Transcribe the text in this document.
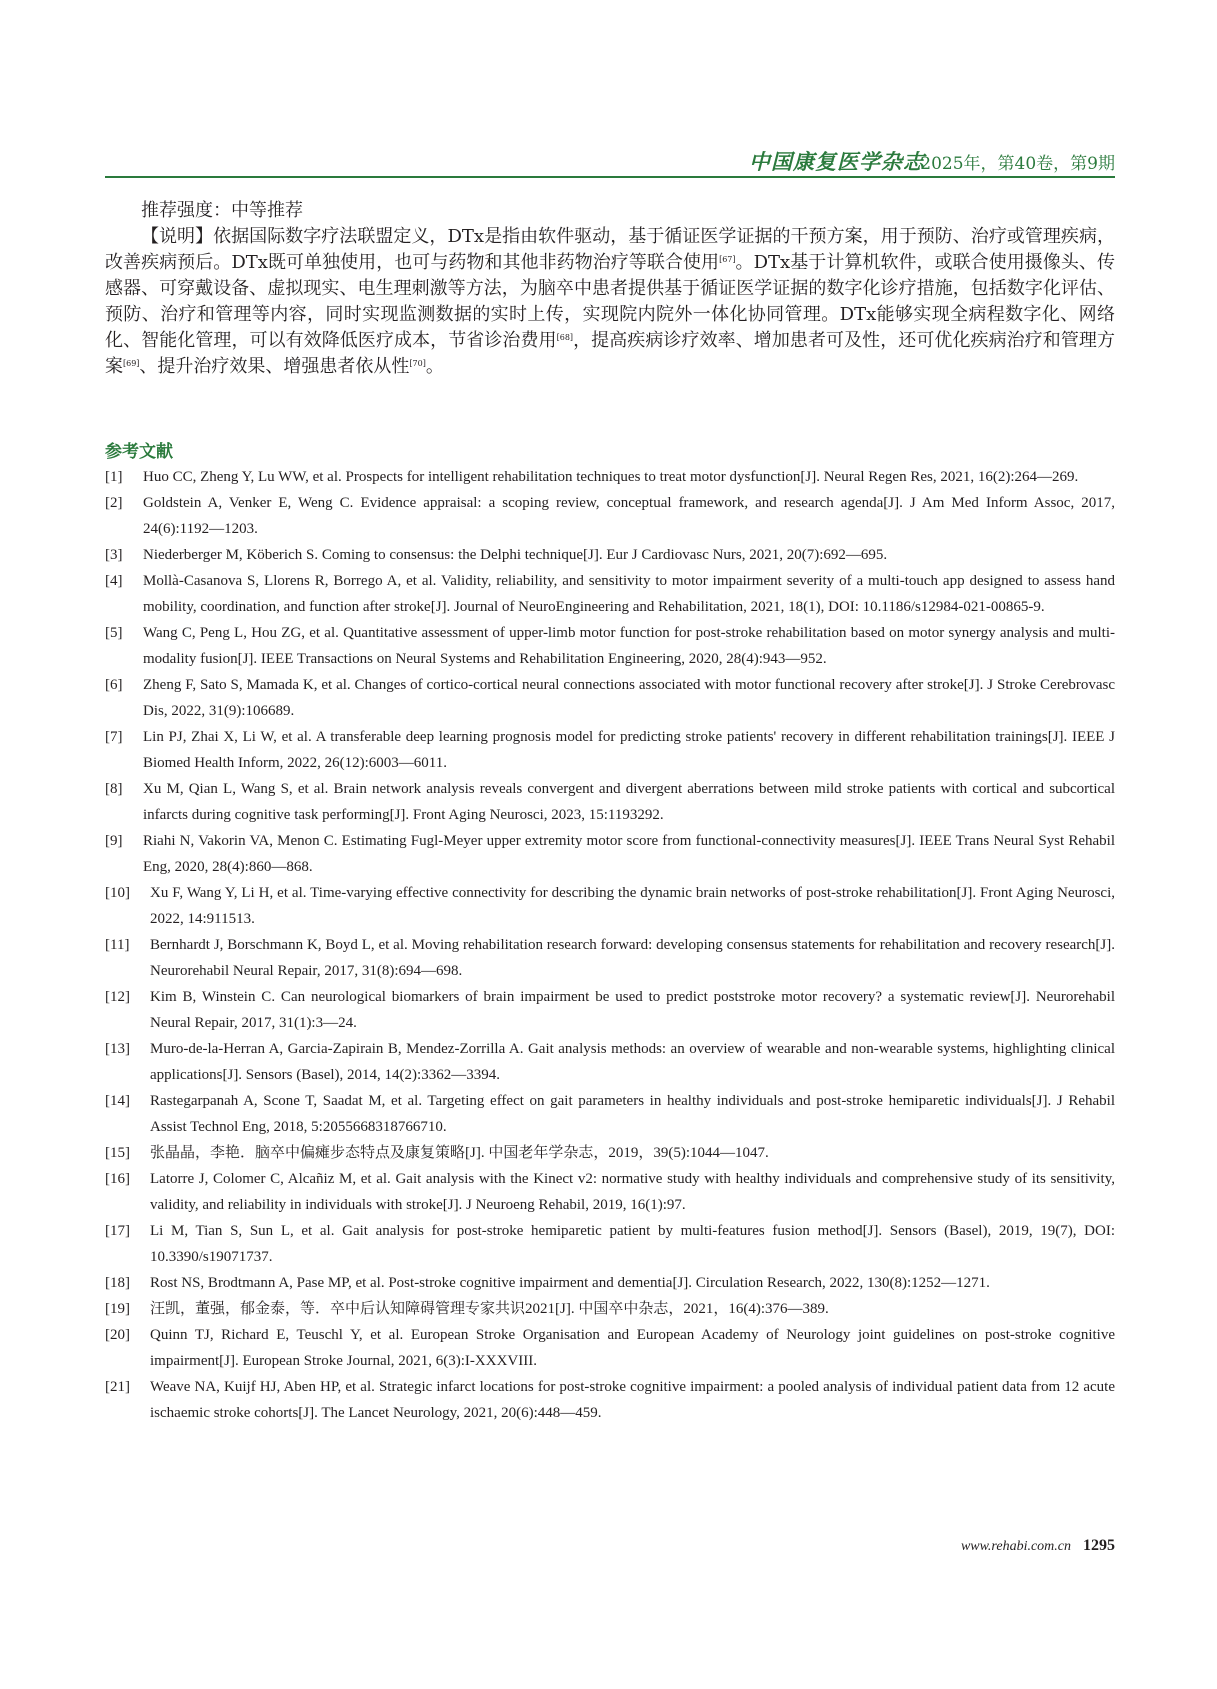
中国康复医学杂志
2025年，第40卷，第9期
推荐强度：中等推荐
【说明】依据国际数字疗法联盟定义，DTx是指由软件驱动，基于循证医学证据的干预方案，用于预防、治疗或管理疾病，改善疾病预后。DTx既可单独使用，也可与药物和其他非药物治疗等联合使用[67]。DTx基于计算机软件，或联合使用摄像头、传感器、可穿戴设备、虚拟现实、电生理刺激等方法，为脑卒中患者提供基于循证医学证据的数字化诊疗措施，包括数字化评估、预防、治疗和管理等内容，同时实现监测数据的实时上传，实现院内院外一体化协同管理。DTx能够实现全病程数字化、网络化、智能化管理，可以有效降低医疗成本，节省诊治费用[68]，提高疾病诊疗效率、增加患者可及性，还可优化疾病治疗和管理方案[69]、提升治疗效果、增强患者依从性[70]。
参考文献
[1] Huo CC, Zheng Y, Lu WW, et al. Prospects for intelligent rehabilitation techniques to treat motor dysfunction[J]. Neural Regen Res, 2021, 16(2):264—269.
[2] Goldstein A, Venker E, Weng C. Evidence appraisal: a scoping review, conceptual framework, and research agenda[J]. J Am Med Inform Assoc, 2017, 24(6):1192—1203.
[3] Niederberger M, Köberich S. Coming to consensus: the Delphi technique[J]. Eur J Cardiovasc Nurs, 2021, 20(7):692—695.
[4] Mollà-Casanova S, Llorens R, Borrego A, et al. Validity, reliability, and sensitivity to motor impairment severity of a multi-touch app designed to assess hand mobility, coordination, and function after stroke[J]. Journal of NeuroEngineering and Rehabilitation, 2021, 18(1), DOI: 10.1186/s12984-021-00865-9.
[5] Wang C, Peng L, Hou ZG, et al. Quantitative assessment of upper-limb motor function for post-stroke rehabilitation based on motor synergy analysis and multi-modality fusion[J]. IEEE Transactions on Neural Systems and Rehabilitation Engineering, 2020, 28(4):943—952.
[6] Zheng F, Sato S, Mamada K, et al. Changes of cortico-cortical neural connections associated with motor functional recovery after stroke[J]. J Stroke Cerebrovasc Dis, 2022, 31(9):106689.
[7] Lin PJ, Zhai X, Li W, et al. A transferable deep learning prognosis model for predicting stroke patients' recovery in different rehabilitation trainings[J]. IEEE J Biomed Health Inform, 2022, 26(12):6003—6011.
[8] Xu M, Qian L, Wang S, et al. Brain network analysis reveals convergent and divergent aberrations between mild stroke patients with cortical and subcortical infarcts during cognitive task performing[J]. Front Aging Neurosci, 2023, 15:1193292.
[9] Riahi N, Vakorin VA, Menon C. Estimating Fugl-Meyer upper extremity motor score from functional-connectivity measures[J]. IEEE Trans Neural Syst Rehabil Eng, 2020, 28(4):860—868.
[10] Xu F, Wang Y, Li H, et al. Time-varying effective connectivity for describing the dynamic brain networks of post-stroke rehabilitation[J]. Front Aging Neurosci, 2022, 14:911513.
[11] Bernhardt J, Borschmann K, Boyd L, et al. Moving rehabilitation research forward: developing consensus statements for rehabilitation and recovery research[J]. Neurorehabil Neural Repair, 2017, 31(8):694—698.
[12] Kim B, Winstein C. Can neurological biomarkers of brain impairment be used to predict poststroke motor recovery? a systematic review[J]. Neurorehabil Neural Repair, 2017, 31(1):3—24.
[13] Muro-de-la-Herran A, Garcia-Zapirain B, Mendez-Zorrilla A. Gait analysis methods: an overview of wearable and non-wearable systems, highlighting clinical applications[J]. Sensors (Basel), 2014, 14(2):3362—3394.
[14] Rastegarpanah A, Scone T, Saadat M, et al. Targeting effect on gait parameters in healthy individuals and post-stroke hemiparetic individuals[J]. J Rehabil Assist Technol Eng, 2018, 5:2055668318766710.
[15] 张晶晶，李艳．脑卒中偏瘫步态特点及康复策略[J]. 中国老年学杂志，2019，39(5):1044—1047.
[16] Latorre J, Colomer C, Alcañiz M, et al. Gait analysis with the Kinect v2: normative study with healthy individuals and comprehensive study of its sensitivity, validity, and reliability in individuals with stroke[J]. J Neuroeng Rehabil, 2019, 16(1):97.
[17] Li M, Tian S, Sun L, et al. Gait analysis for post-stroke hemiparetic patient by multi-features fusion method[J]. Sensors (Basel), 2019, 19(7), DOI: 10.3390/s19071737.
[18] Rost NS, Brodtmann A, Pase MP, et al. Post-stroke cognitive impairment and dementia[J]. Circulation Research, 2022, 130(8):1252—1271.
[19] 汪凯，董强，郁金泰，等．卒中后认知障碍管理专家共识2021[J]. 中国卒中杂志，2021，16(4):376—389.
[20] Quinn TJ, Richard E, Teuschl Y, et al. European Stroke Organisation and European Academy of Neurology joint guidelines on post-stroke cognitive impairment[J]. European Stroke Journal, 2021, 6(3):I-XXXVIII.
[21] Weave NA, Kuijf HJ, Aben HP, et al. Strategic infarct locations for post-stroke cognitive impairment: a pooled analysis of individual patient data from 12 acute ischaemic stroke cohorts[J]. The Lancet Neurology, 2021, 20(6):448—459.
www.rehabi.com.cn 1295
